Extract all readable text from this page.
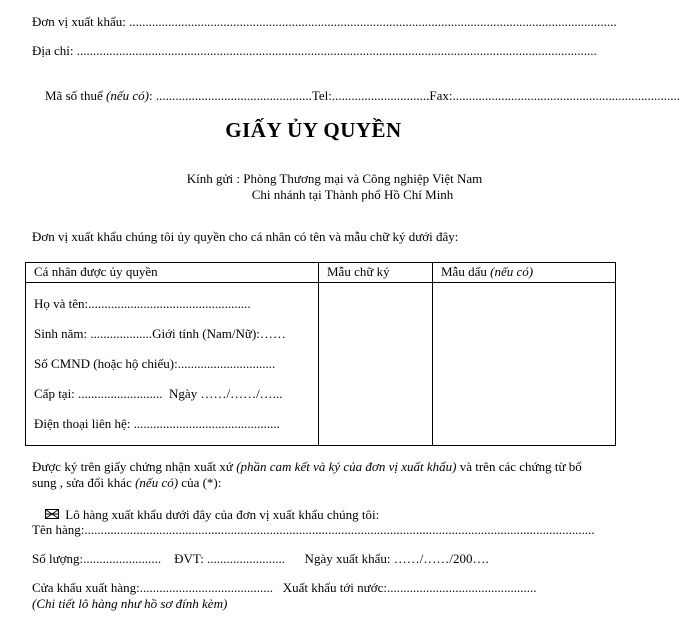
Đơn vị xuất khẩu: ......................................................................................................................................................
Địa chỉ: ................................................................................................................................................................

Mã số thuế (nếu có): ................................................Tel:..............................Fax:......................................................................

GIẤY ỦY QUYỀN
Kính gửi : Phòng Thương mại và Công nghiệp Việt Nam
Chi nhánh tại Thành phố Hồ Chí Minh
Đơn vị xuất khẩu chúng tôi ủy quyền cho cá nhân có tên và mẫu chữ ký dưới đây:
Cá nhân được ủy quyền	Mẫu chữ ký	Mẫu dấu (nếu có)

Họ và tên:..................................................
Sinh năm: ...................Giới tính (Nam/Nữ):……
Số CMND (hoặc hộ chiếu):..............................
Cấp tại: ..........................  Ngày ……/……/…...
Điện thoại liên hệ: .............................................		

Được ký trên giấy chứng nhận xuất xứ (phần cam kết và ký của đơn vị xuất khẩu) và trên các chứng từ bổ sung , sửa đổi khác (nếu có) của (*):

Lô hàng xuất khẩu dưới đây của đơn vị xuất khẩu chúng tôi:

Tên hàng:.............................................................................................................................................................
Số lượng:........................    ĐVT: ........................      Ngày xuất khẩu: ……/……/200….
Cửa khẩu xuất hàng:.........................................   Xuất khẩu tới nước:..............................................
(Chi tiết lô hàng như hồ sơ đính kèm)
